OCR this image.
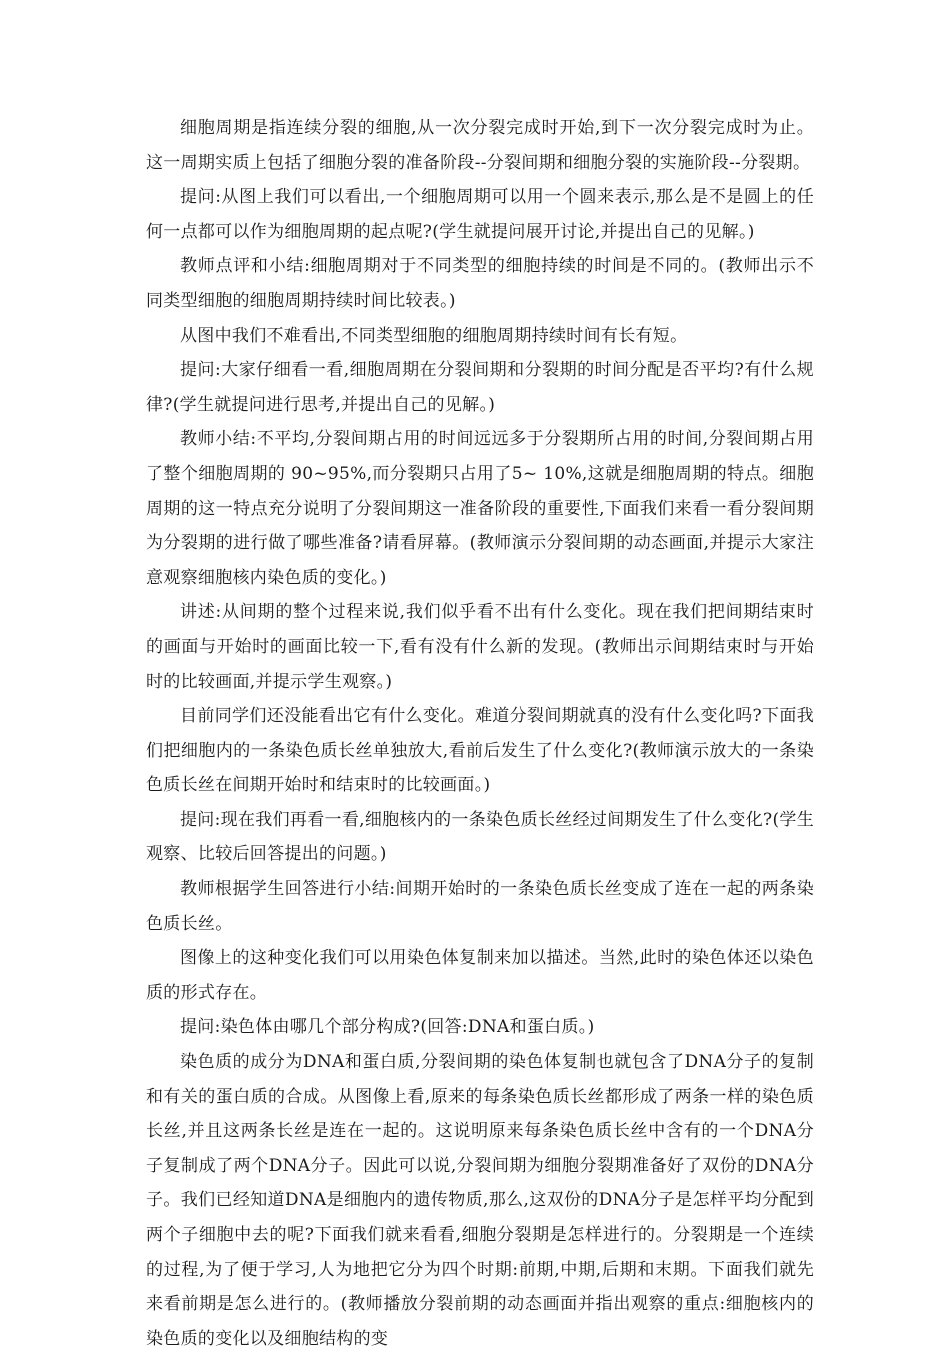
细胞周期是指连续分裂的细胞,从一次分裂完成时开始,到下一次分裂完成时为止。这一周期实质上包括了细胞分裂的准备阶段--分裂间期和细胞分裂的实施阶段--分裂期。

提问:从图上我们可以看出,一个细胞周期可以用一个圆来表示,那么是不是圆上的任何一点都可以作为细胞周期的起点呢?(学生就提问展开讨论,并提出自己的见解。)

教师点评和小结:细胞周期对于不同类型的细胞持续的时间是不同的。(教师出示不同类型细胞的细胞周期持续时间比较表。)

从图中我们不难看出,不同类型细胞的细胞周期持续时间有长有短。

提问:大家仔细看一看,细胞周期在分裂间期和分裂期的时间分配是否平均?有什么规律?(学生就提问进行思考,并提出自己的见解。)

教师小结:不平均,分裂间期占用的时间远远多于分裂期所占用的时间,分裂间期占用了整个细胞周期的 90~95%,而分裂期只占用了5~ 10%,这就是细胞周期的特点。细胞周期的这一特点充分说明了分裂间期这一准备阶段的重要性,下面我们来看一看分裂间期为分裂期的进行做了哪些准备?请看屏幕。(教师演示分裂间期的动态画面,并提示大家注意观察细胞核内染色质的变化。)

讲述:从间期的整个过程来说,我们似乎看不出有什么变化。现在我们把间期结束时的画面与开始时的画面比较一下,看有没有什么新的发现。(教师出示间期结束时与开始时的比较画面,并提示学生观察。)

目前同学们还没能看出它有什么变化。难道分裂间期就真的没有什么变化吗?下面我们把细胞内的一条染色质长丝单独放大,看前后发生了什么变化?(教师演示放大的一条染色质长丝在间期开始时和结束时的比较画面。)

提问:现在我们再看一看,细胞核内的一条染色质长丝经过间期发生了什么变化?(学生观察、比较后回答提出的问题。)

教师根据学生回答进行小结:间期开始时的一条染色质长丝变成了连在一起的两条染色质长丝。

图像上的这种变化我们可以用染色体复制来加以描述。当然,此时的染色体还以染色质的形式存在。

提问:染色体由哪几个部分构成?(回答:DNA和蛋白质。)

染色质的成分为DNA和蛋白质,分裂间期的染色体复制也就包含了DNA分子的复制和有关的蛋白质的合成。从图像上看,原来的每条染色质长丝都形成了两条一样的染色质长丝,并且这两条长丝是连在一起的。这说明原来每条染色质长丝中含有的一个DNA分子复制成了两个DNA分子。因此可以说,分裂间期为细胞分裂期准备好了双份的DNA分子。我们已经知道DNA是细胞内的遗传物质,那么,这双份的DNA分子是怎样平均分配到两个子细胞中去的呢?下面我们就来看看,细胞分裂期是怎样进行的。分裂期是一个连续的过程,为了便于学习,人为地把它分为四个时期:前期,中期,后期和末期。下面我们就先来看前期是怎么进行的。(教师播放分裂前期的动态画面并指出观察的重点:细胞核内的染色质的变化以及细胞结构的变
